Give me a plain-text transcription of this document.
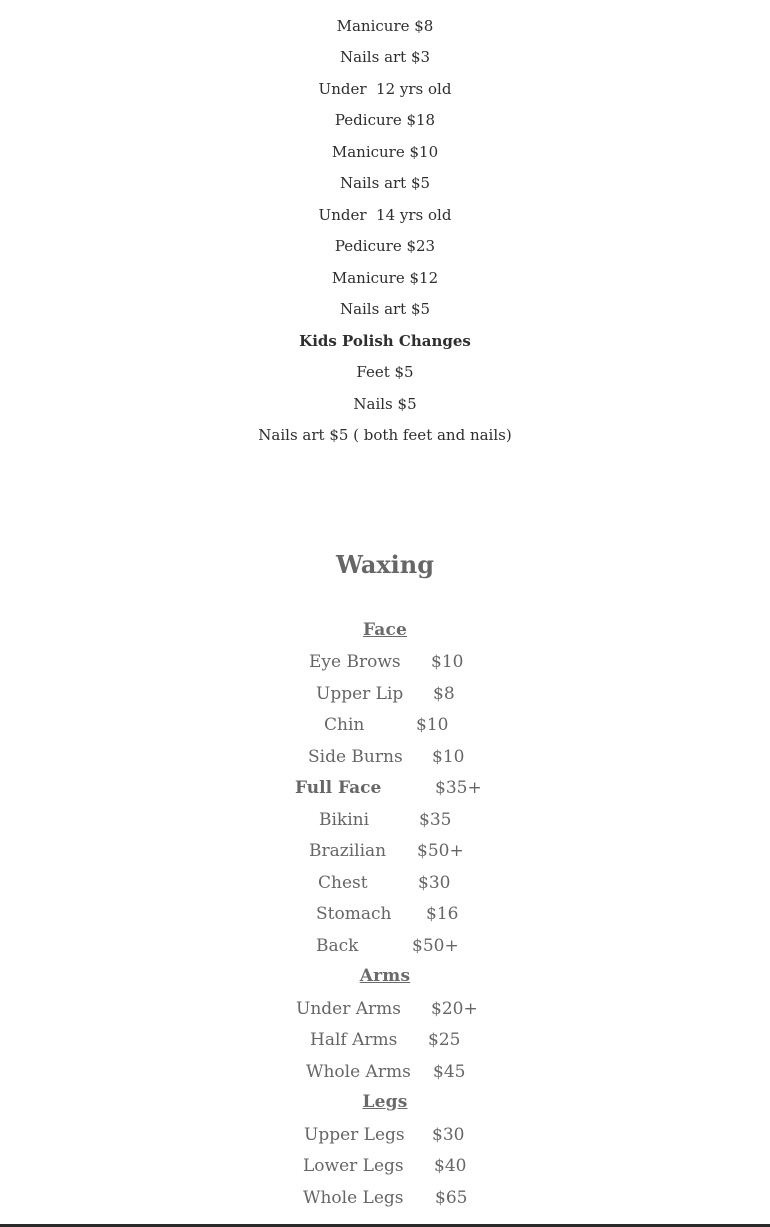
Manicure $8
Nails art $3
Under  12 yrs old
Pedicure $18
Manicure $10
Nails art $5
Under  14 yrs old
Pedicure $23
Manicure $12
Nails art $5
Kids Polish Changes
Feet $5
Nails $5
Nails art $5 ( both feet and nails)
Waxing
Face
Eye Brows $10
Upper Lip $8
Chin	$10
Side Burns $10
Full Face	$35+
Bikini	$35
Brazilian $50+
Chest	$30
Stomach $16
Back	$50+
Arms
Under Arms $20+
Half Arms $25
Whole Arms $45
Legs
Upper Legs $30
Lower Legs $40
Whole Legs $65
